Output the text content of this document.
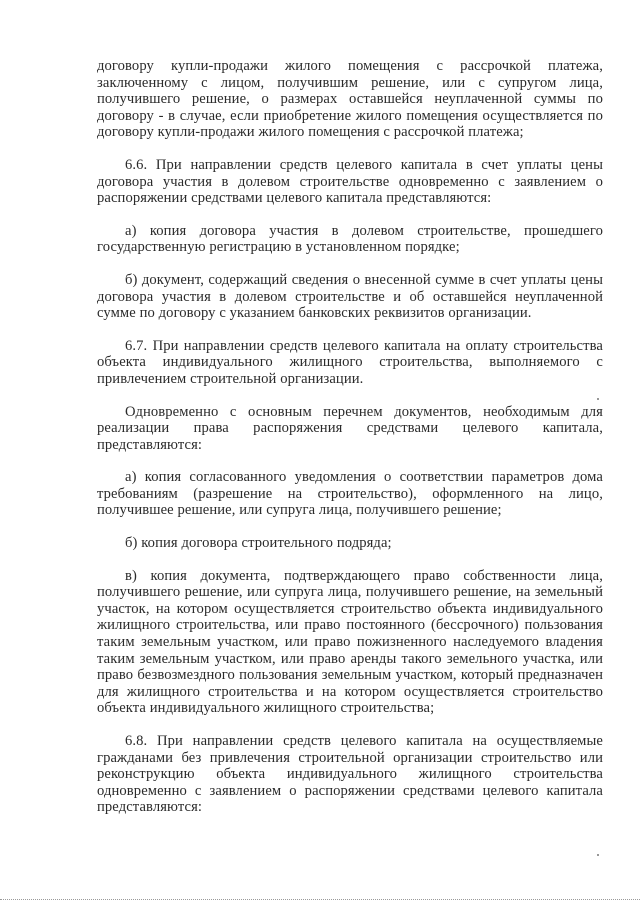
договору купли-продажи жилого помещения с рассрочкой платежа, заключенному с лицом, получившим решение, или с супругом лица, получившего решение, о размерах оставшейся неуплаченной суммы по договору - в случае, если приобретение жилого помещения осуществляется по договору купли-продажи жилого помещения с рассрочкой платежа;

6.6. При направлении средств целевого капитала в счет уплаты цены договора участия в долевом строительстве одновременно с заявлением о распоряжении средствами целевого капитала представляются:

а) копия договора участия в долевом строительстве, прошедшего государственную регистрацию в установленном порядке;

б) документ, содержащий сведения о внесенной сумме в счет уплаты цены договора участия в долевом строительстве и об оставшейся неуплаченной сумме по договору с указанием банковских реквизитов организации.

6.7. При направлении средств целевого капитала на оплату строительства объекта индивидуального жилищного строительства, выполняемого с привлечением строительной организации.

Одновременно с основным перечнем документов, необходимым для реализации права распоряжения средствами целевого капитала, представляются:

а) копия согласованного уведомления о соответствии параметров дома требованиям (разрешение на строительство), оформленного на лицо, получившее решение, или супруга лица, получившего решение;

б) копия договора строительного подряда;

в) копия документа, подтверждающего право собственности лица, получившего решение, или супруга лица, получившего решение, на земельный участок, на котором осуществляется строительство объекта индивидуального жилищного строительства, или право постоянного (бессрочного) пользования таким земельным участком, или право пожизненного наследуемого владения таким земельным участком, или право аренды такого земельного участка, или право безвозмездного пользования земельным участком, который предназначен для жилищного строительства и на котором осуществляется строительство объекта индивидуального жилищного строительства;

6.8. При направлении средств целевого капитала на осуществляемые гражданами без привлечения строительной организации строительство или реконструкцию объекта индивидуального жилищного строительства одновременно с заявлением о распоряжении средствами целевого капитала представляются:
